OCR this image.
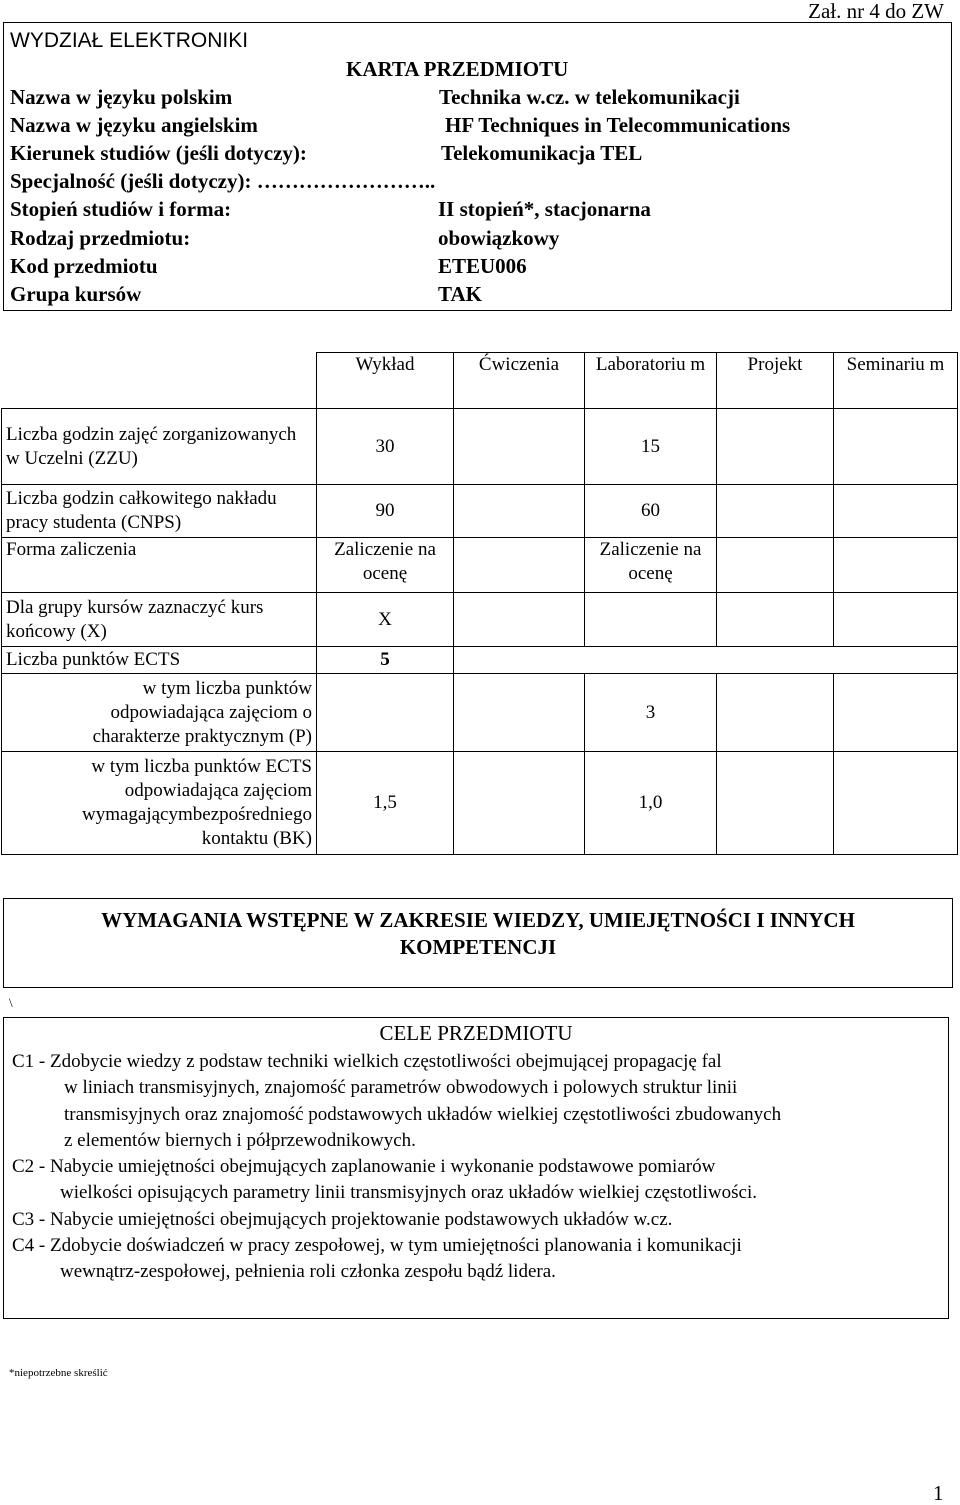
Zał. nr 4 do ZW
WYDZIAŁ ELEKTRONIKI
KARTA PRZEDMIOTU
Nazwa w języku polskim	Technika w.cz. w telekomunikacji
Nazwa w języku angielskim	HF Techniques in Telecommunications
Kierunek studiów (jeśli dotyczy):	Telekomunikacja TEL
Specjalność (jeśli dotyczy): ……………………..
Stopień studiów i forma:	II stopień*, stacjonarna
Rodzaj przedmiotu:	obowiązkowy
Kod przedmiotu	ETEU006
Grupa kursów	TAK
	Wykład	Ćwiczenia	Laboratoriu m	Projekt	Seminariu m
Liczba godzin zajęć zorganizowanych w Uczelni (ZZU)	30		15		
Liczba godzin całkowitego nakładu pracy studenta (CNPS)	90		60		
Forma zaliczenia	Zaliczenie na ocenę		Zaliczenie na ocenę		
Dla grupy kursów zaznaczyć kurs końcowy (X)	X				
Liczba punktów ECTS	5				
w tym liczba punktów odpowiadająca zajęciom o charakterze praktycznym (P)			3		
w tym liczba punktów ECTS odpowiadająca zajęciom wymagającymbezpośredniego kontaktu (BK)	1,5		1,0		
WYMAGANIA WSTĘPNE W ZAKRESIE WIEDZY, UMIEJĘTNOŚCI I INNYCH KOMPETENCJI
\
CELE PRZEDMIOTU
C1 - Zdobycie wiedzy z podstaw techniki wielkich częstotliwości obejmującej propagację fal
w liniach transmisyjnych, znajomość parametrów obwodowych i polowych struktur linii
transmisyjnych oraz znajomość podstawowych układów wielkiej częstotliwości zbudowanych
z elementów biernych i półprzewodnikowych.
C2 - Nabycie umiejętności obejmujących zaplanowanie i wykonanie podstawowe pomiarów
wielkości opisujących parametry linii transmisyjnych oraz układów wielkiej częstotliwości.
C3 - Nabycie umiejętności obejmujących projektowanie podstawowych układów w.cz.
C4 - Zdobycie doświadczeń w pracy zespołowej, w tym umiejętności planowania i komunikacji
wewnątrz-zespołowej, pełnienia roli członka zespołu bądź lidera.
*niepotrzebne skreślić
1
